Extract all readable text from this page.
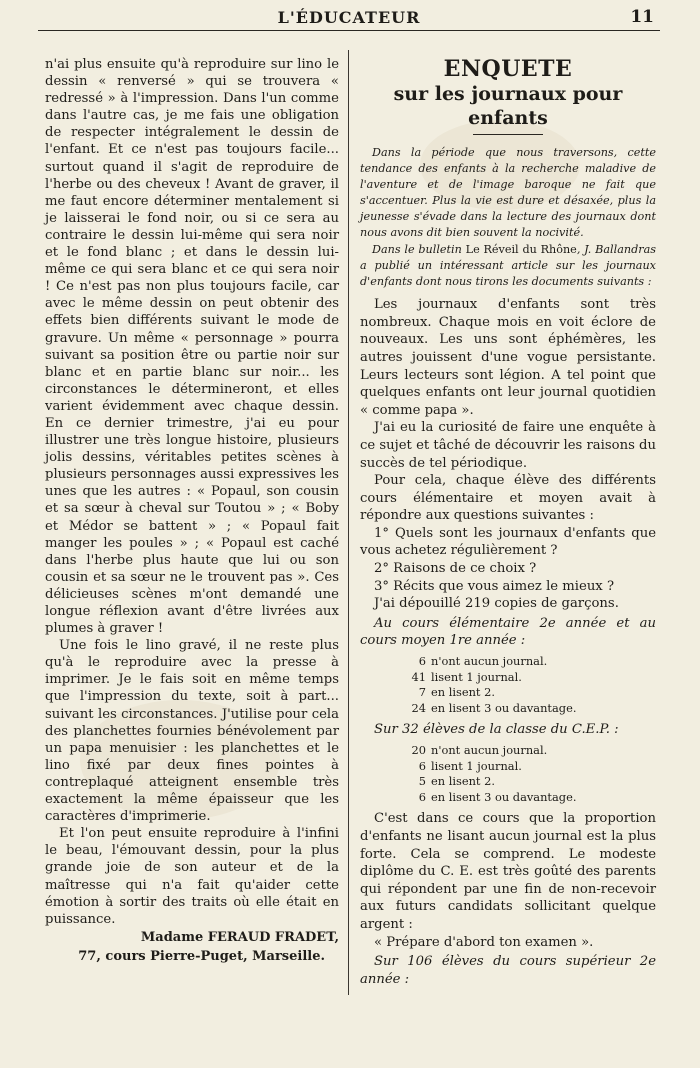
L'ÉDUCATEUR	11

n'ai plus ensuite qu'à reproduire sur lino le dessin « renversé » qui se trouvera « redressé » à l'impression. Dans l'un comme dans l'autre cas, je me fais une obligation de respecter intégralement le dessin de l'enfant. Et ce n'est pas toujours facile... surtout quand il s'agit de reproduire de l'herbe ou des cheveux ! Avant de graver, il me faut encore déterminer mentalement si je laisserai le fond noir, ou si ce sera au contraire le dessin lui-même qui sera noir et le fond blanc ; et dans le dessin lui-même ce qui sera blanc et ce qui sera noir ! Ce n'est pas non plus toujours facile, car avec le même dessin on peut obtenir des effets bien différents suivant le mode de gravure. Un même « personnage » pourra suivant sa position être ou partie noir sur blanc et en partie blanc sur noir... les circonstances le détermineront, et elles varient évidemment avec chaque dessin. En ce dernier trimestre, j'ai eu pour illustrer une très longue histoire, plusieurs jolis dessins, véritables petites scènes à plusieurs personnages aussi expressives les unes que les autres : « Popaul, son cousin et sa sœur à cheval sur Toutou » ; « Boby et Médor se battent » ; « Popaul fait manger les poules » ; « Popaul est caché dans l'herbe plus haute que lui ou son cousin et sa sœur ne le trouvent pas ». Ces délicieuses scènes m'ont demandé une longue réflexion avant d'être livrées aux plumes à graver !

Une fois le lino gravé, il ne reste plus qu'à le reproduire avec la presse à imprimer. Je le fais soit en même temps que l'impression du texte, soit à part... suivant les circonstances. J'utilise pour cela des planchettes fournies bénévolement par un papa menuisier : les planchettes et le lino fixé par deux fines pointes à contreplaqué atteignent ensemble très exactement la même épaisseur que les caractères d'imprimerie.

Et l'on peut ensuite reproduire à l'infini le beau, l'émouvant dessin, pour la plus grande joie de son auteur et de la maîtresse qui n'a fait qu'aider cette émotion à sortir des traits où elle était en puissance.

Madame FERAUD FRADET,
77, cours Pierre-Puget, Marseille.
ENQUETE
sur les journaux pour enfants

Dans la période que nous traversons, cette tendance des enfants à la recherche maladive de l'aventure et de l'image baroque ne fait que s'accentuer. Plus la vie est dure et désaxée, plus la jeunesse s'évade dans la lecture des journaux dont nous avons dit bien souvent la nocivité.

Dans le bulletin Le Réveil du Rhône, J. Ballandras a publié un intéressant article sur les journaux d'enfants dont nous tirons les documents suivants :

Les journaux d'enfants sont très nombreux. Chaque mois en voit éclore de nouveaux. Les uns sont éphémères, les autres jouissent d'une vogue persistante. Leurs lecteurs sont légion. A tel point que quelques enfants ont leur journal quotidien « comme papa ».

J'ai eu la curiosité de faire une enquête à ce sujet et tâché de découvrir les raisons du succès de tel périodique.

Pour cela, chaque élève des différents cours élémentaire et moyen avait à répondre aux questions suivantes :

1° Quels sont les journaux d'enfants que vous achetez régulièrement ?

2° Raisons de ce choix ?

3° Récits que vous aimez le mieux ?

J'ai dépouillé 219 copies de garçons.

Au cours élémentaire 2e année et au cours moyen 1re année :

6 n'ont aucun journal.
41 lisent 1 journal.
7 en lisent 2.
24 en lisent 3 ou davantage.

Sur 32 élèves de la classe du C.E.P. :

20 n'ont aucun journal.
6 lisent 1 journal.
5 en lisent 2.
6 en lisent 3 ou davantage.

C'est dans ce cours que la proportion d'enfants ne lisant aucun journal est la plus forte. Cela se comprend. Le modeste diplôme du C. E. est très goûté des parents qui répondent par une fin de non-recevoir aux futurs candidats sollicitant quelque argent :

« Prépare d'abord ton examen ».

Sur 106 élèves du cours supérieur 2e année :
